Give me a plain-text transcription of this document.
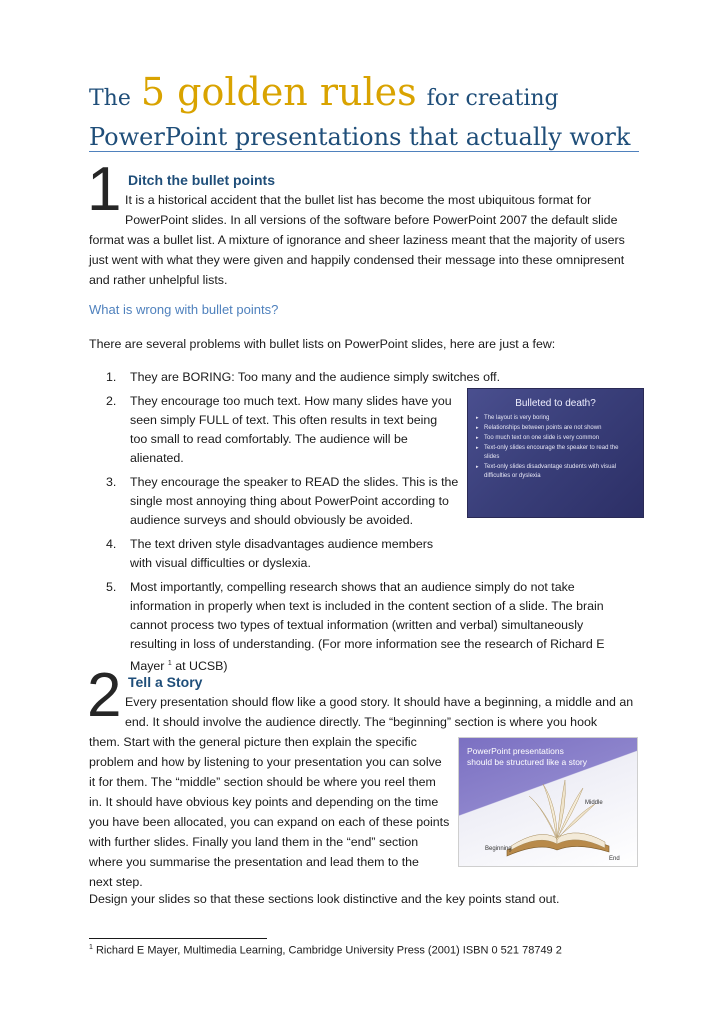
The 5 golden rules for creating
PowerPoint presentations that actually work
1 Ditch the bullet points
It is a historical accident that the bullet list has become the most ubiquitous format for
PowerPoint slides. In all versions of the software before PowerPoint 2007 the default slide
format was a bullet list. A mixture of ignorance and sheer laziness meant that the majority of users
just went with what they were given and happily condensed their message into these omnipresent
and rather unhelpful lists.
What is wrong with bullet points?
There are several problems with bullet lists on PowerPoint slides, here are just a few:
1. They are BORING: Too many and the audience simply switches off.
2. They encourage too much text. How many slides have you
seen simply FULL of text. This often results in text being
too small to read comfortably. The audience will be
alienated.
3. They encourage the speaker to READ the slides. This is the
single most annoying thing about PowerPoint according to
audience surveys and should obviously be avoided.
4. The text driven style disadvantages audience members
with visual difficulties or dyslexia.
5. Most importantly, compelling research shows that an audience simply do not take
information in properly when text is included in the content section of a slide. The brain
cannot process two types of textual information (written and verbal) simultaneously
resulting in loss of understanding. (For more information see the research of Richard E
Mayer $^1$ at UCSB)
Bulleted to death?
▸ The layout is very boring
▸ Relationships between points are not shown
▸ Too much text on one slide is very common
▸ Text-only slides encourage the speaker to read the slides
▸ Text-only slides disadvantage students with visual difficulties or dyslexia
2 Tell a Story
Every presentation should flow like a good story. It should have a beginning, a middle and an
end. It should involve the audience directly. The “beginning” section is where you hook
them. Start with the general picture then explain the specific
problem and how by listening to your presentation you can solve
it for them. The “middle” section should be where you reel them
in. It should have obvious key points and depending on the time
you have been allocated, you can expand on each of these points
with further slides. Finally you land them in the “end” section
where you summarise the presentation and lead them to the
next step.
PowerPoint presentations should be structured like a story
Middle
Beginning
End
Design your slides so that these sections look distinctive and the key points stand out.
$^1$ Richard E Mayer, Multimedia Learning, Cambridge University Press (2001) ISBN 0 521 78749 2
